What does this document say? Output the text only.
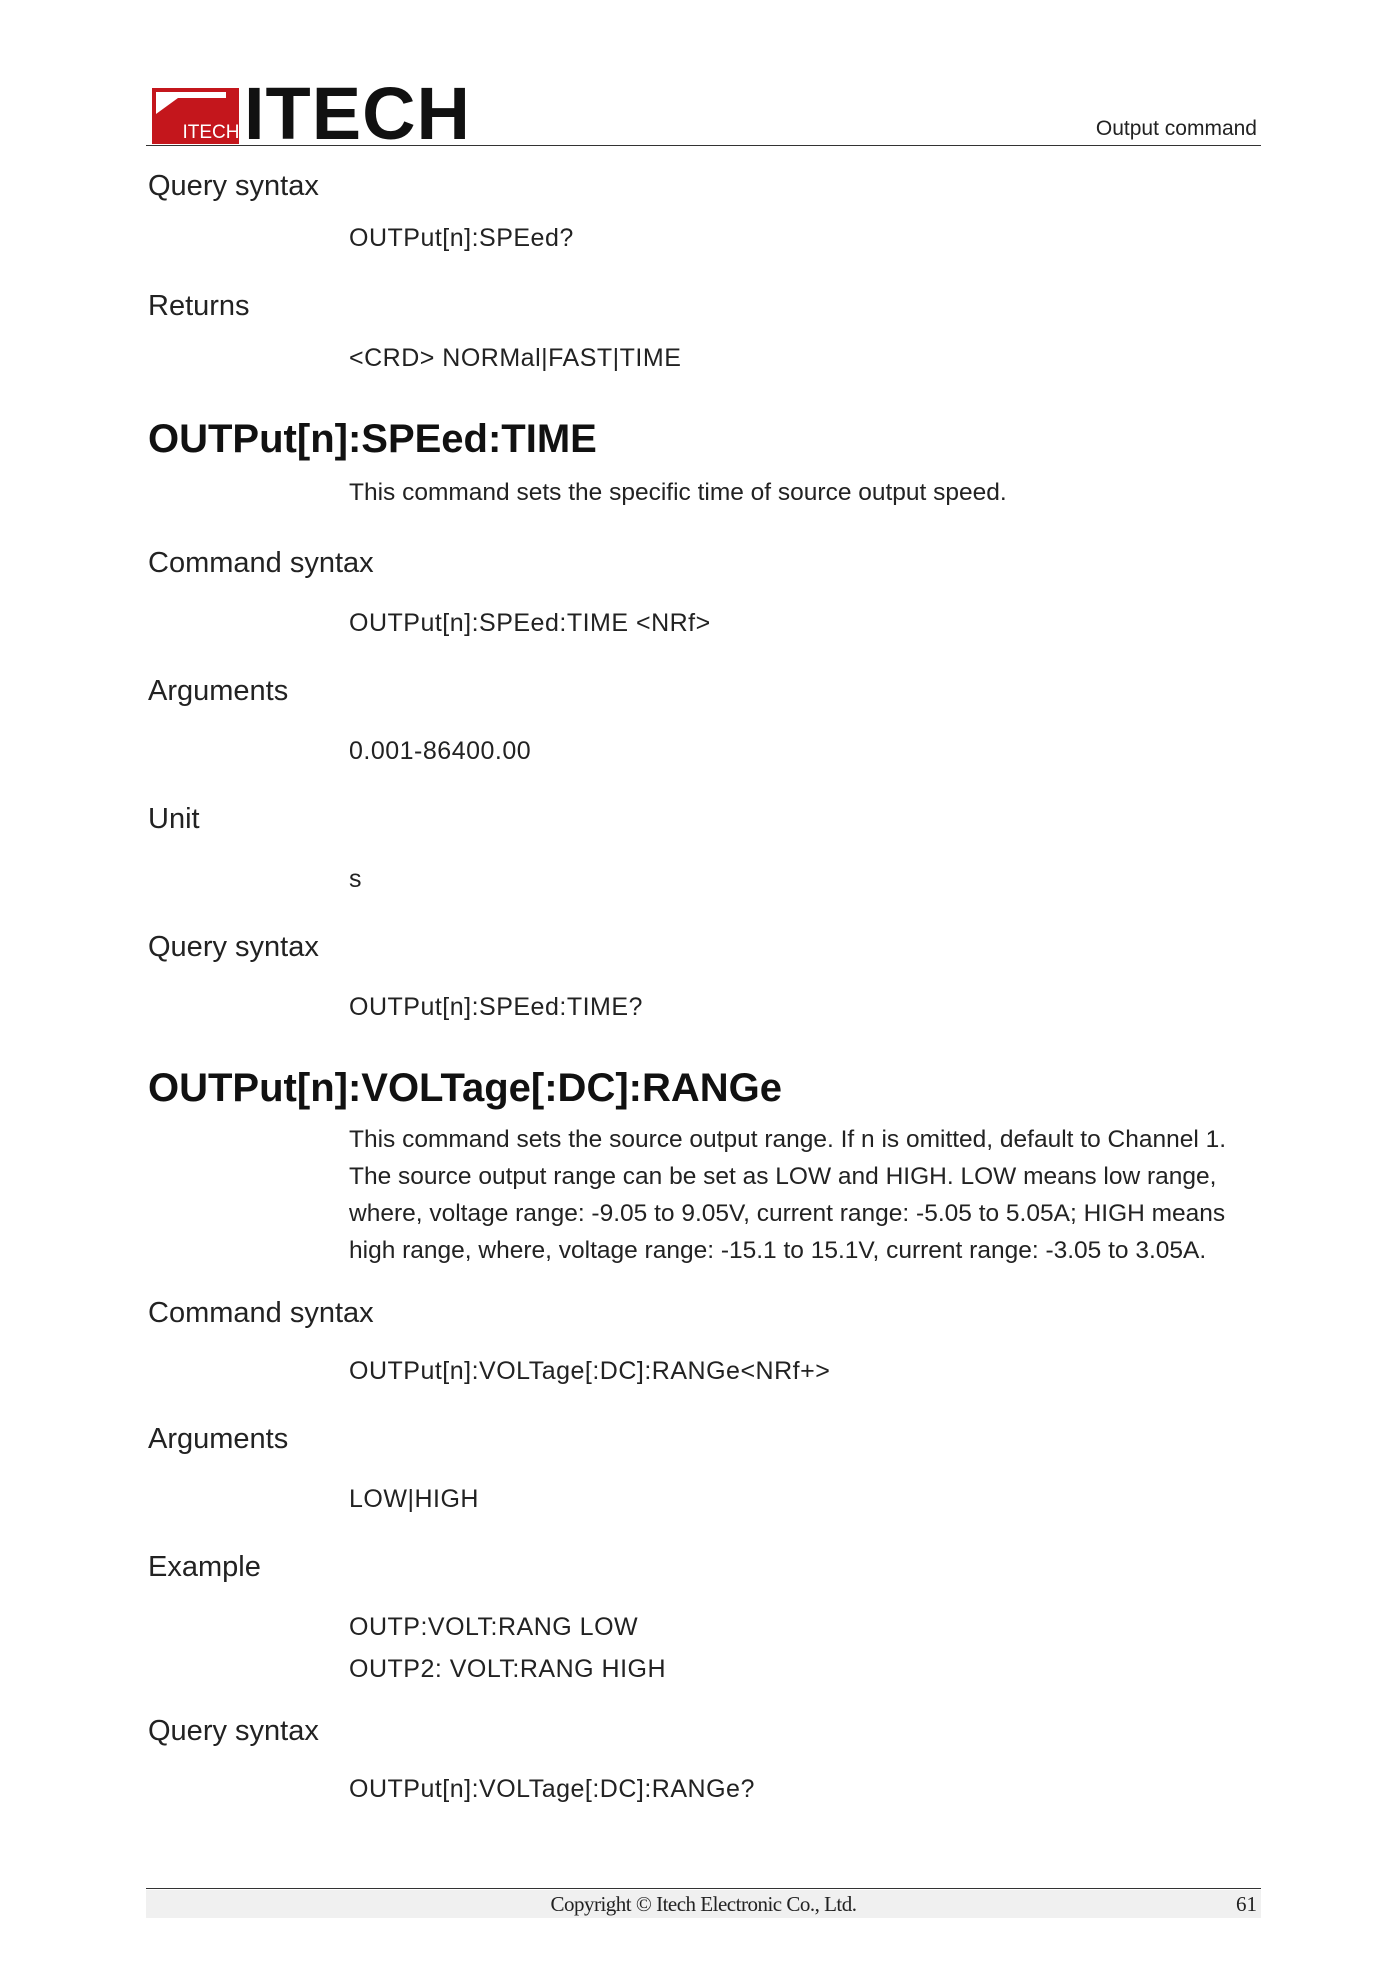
ITECH ITECH	Output command

Query syntax

OUTPut[n]:SPEed?

Returns

<CRD> NORMal|FAST|TIME

OUTPut[n]:SPEed:TIME

This command sets the specific time of source output speed.

Command syntax

OUTPut[n]:SPEed:TIME <NRf>

Arguments

0.001-86400.00

Unit

s

Query syntax

OUTPut[n]:SPEed:TIME?

OUTPut[n]:VOLTage[:DC]:RANGe

This command sets the source output range. If n is omitted, default to Channel 1. The source output range can be set as LOW and HIGH. LOW means low range, where, voltage range: -9.05 to 9.05V, current range: -5.05 to 5.05A; HIGH means high range, where, voltage range: -15.1 to 15.1V, current range: -3.05 to 3.05A.

Command syntax

OUTPut[n]:VOLTage[:DC]:RANGe<NRf+>

Arguments

LOW|HIGH

Example

OUTP:VOLT:RANG LOW

OUTP2: VOLT:RANG HIGH

Query syntax

OUTPut[n]:VOLTage[:DC]:RANGe?

Copyright © Itech Electronic Co., Ltd.	61
